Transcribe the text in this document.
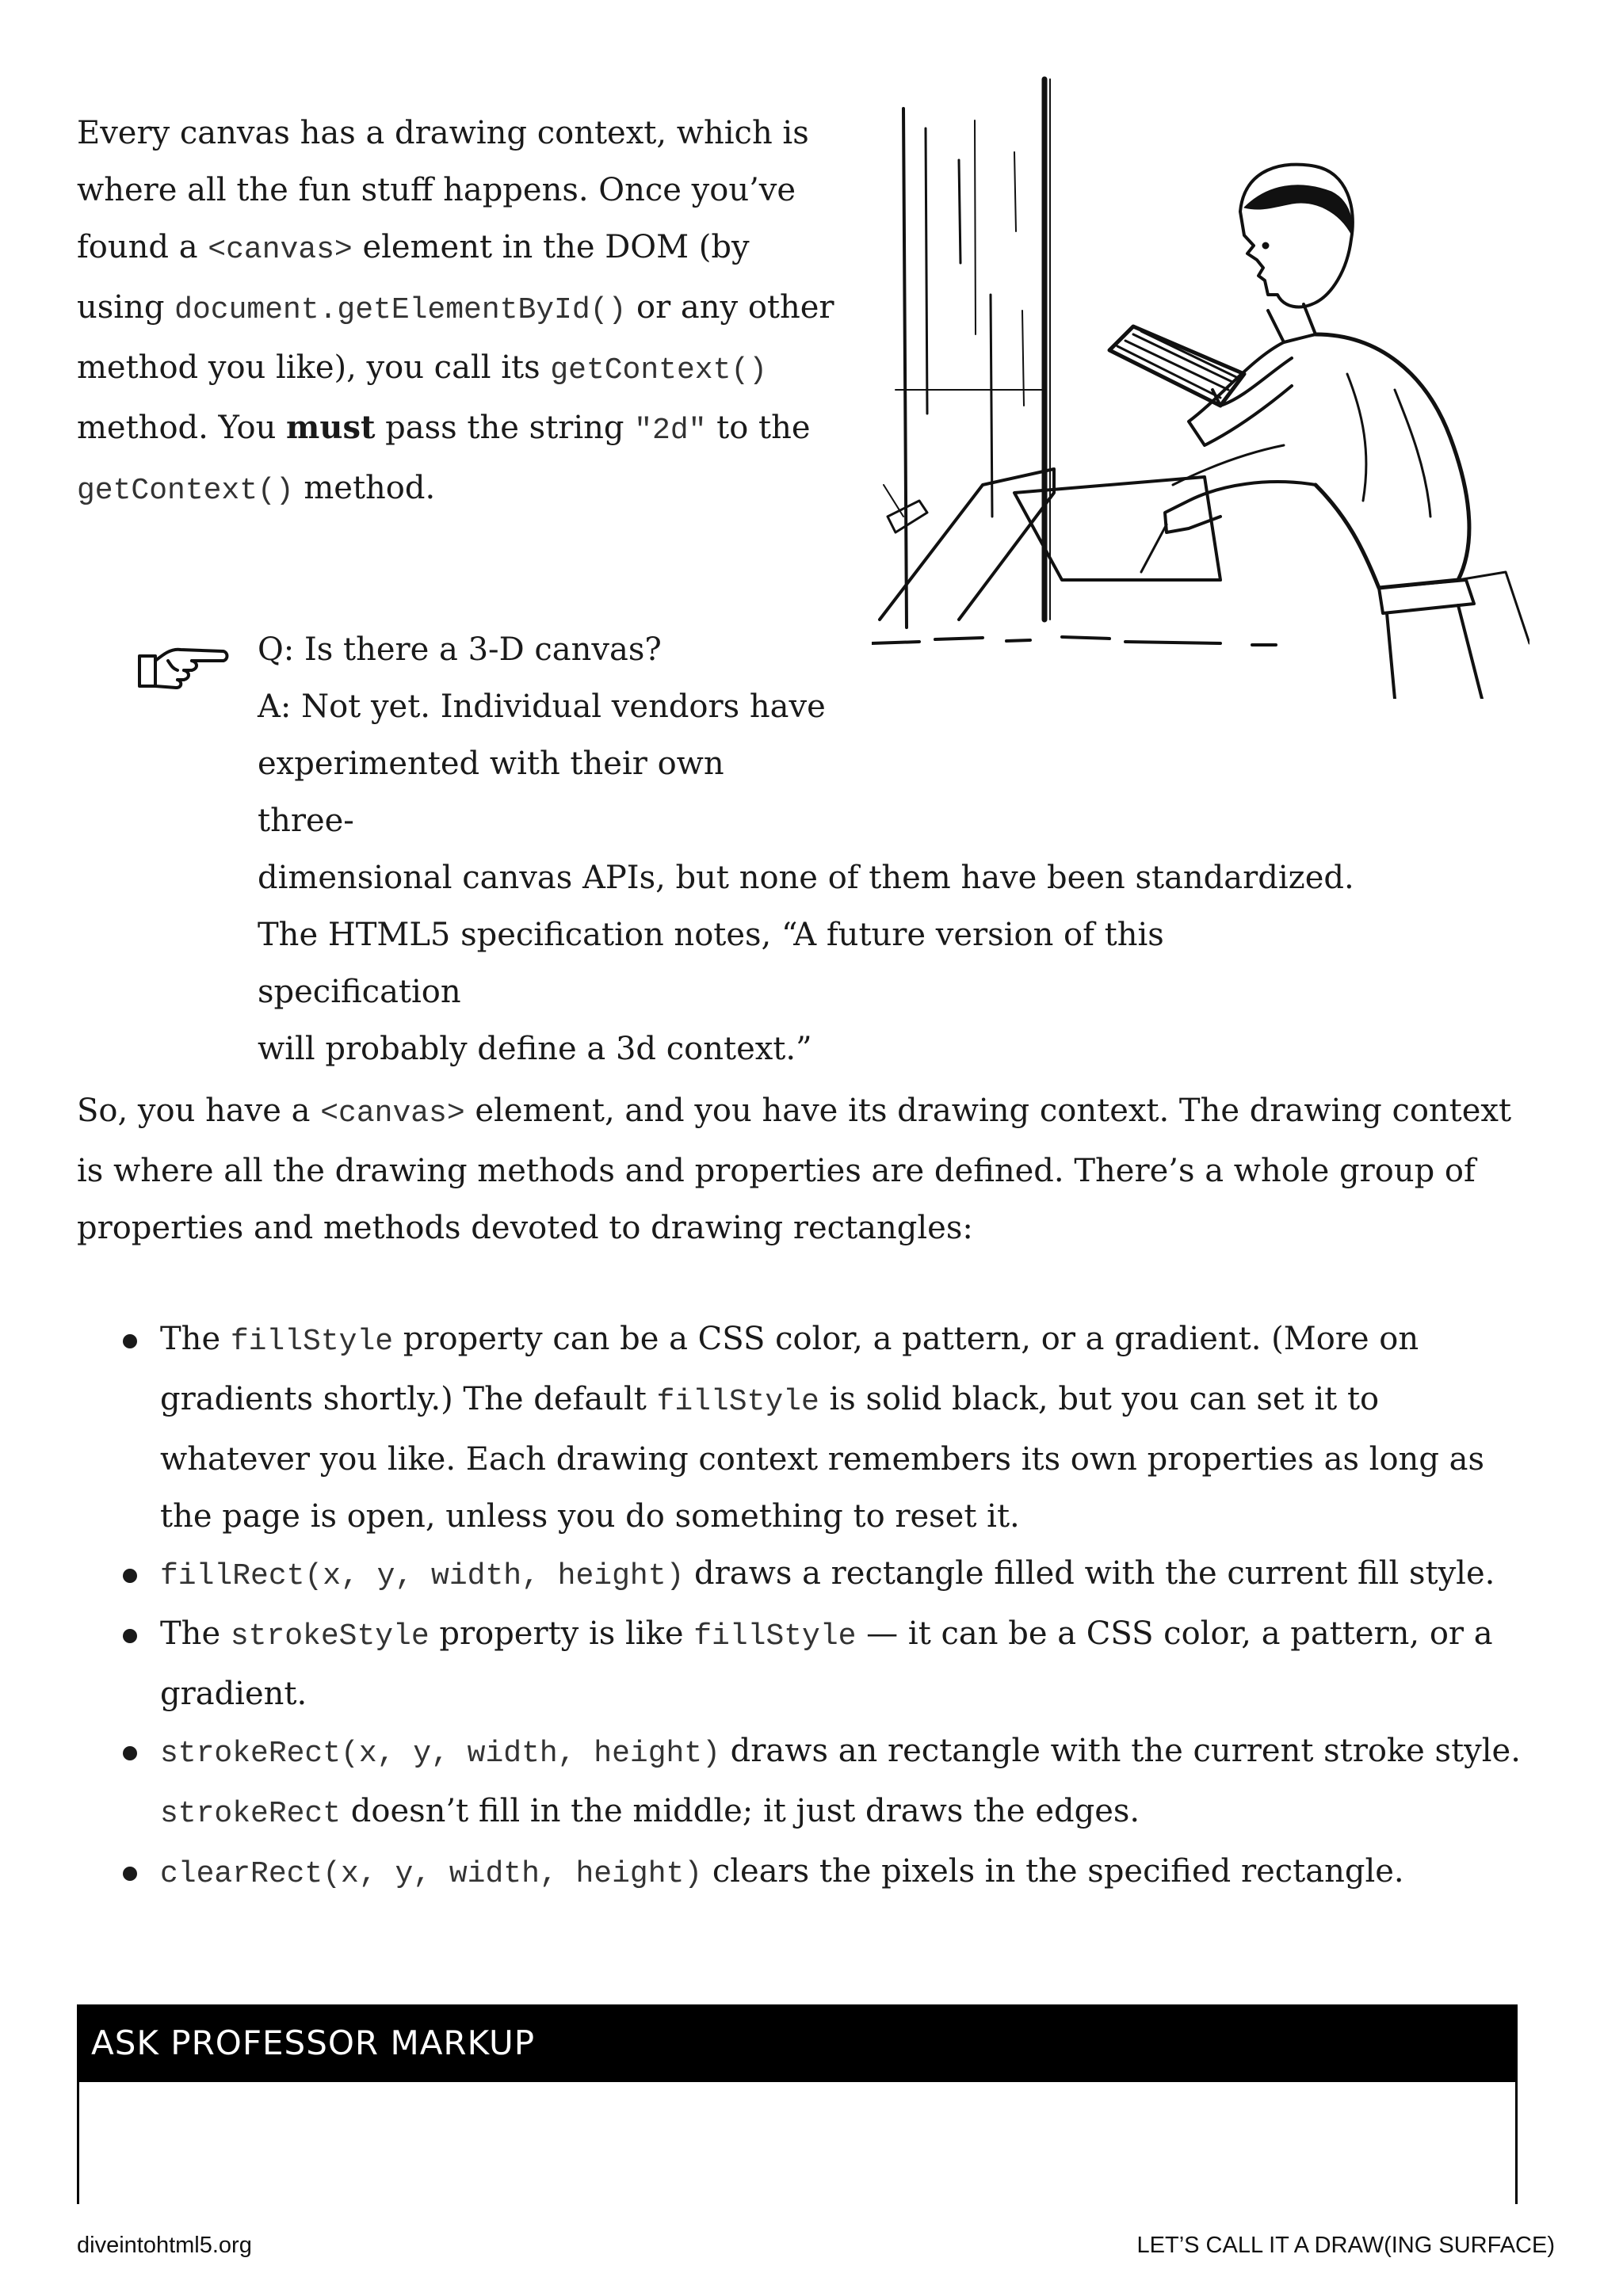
Every canvas has a drawing context, which is where all the fun stuff happens. Once you’ve found a <canvas> element in the DOM (by using document.getElementById() or any other method you like), you call its getContext() method. You must pass the string "2d" to the getContext() method.
Q: Is there a 3-D canvas?
A: Not yet. Individual vendors have
experimented with their own three-
dimensional canvas APIs, but none of them have been standardized.
The HTML5 specification notes, “A future version of this specification
will probably define a 3d context.”
So, you have a <canvas> element, and you have its drawing context. The drawing context is where all the drawing methods and properties are defined. There’s a whole group of properties and methods devoted to drawing rectangles:
The fillStyle property can be a CSS color, a pattern, or a gradient. (More on gradients shortly.) The default fillStyle is solid black, but you can set it to whatever you like. Each drawing context remembers its own properties as long as the page is open, unless you do something to reset it.
fillRect(x, y, width, height) draws a rectangle filled with the current fill style.
The strokeStyle property is like fillStyle — it can be a CSS color, a pattern, or a gradient.
strokeRect(x, y, width, height) draws an rectangle with the current stroke style. strokeRect doesn’t fill in the middle; it just draws the edges.
clearRect(x, y, width, height) clears the pixels in the specified rectangle.
ASK PROFESSOR MARKUP
diveintohtml5.org	LET’S CALL IT A DRAW(ING SURFACE)
